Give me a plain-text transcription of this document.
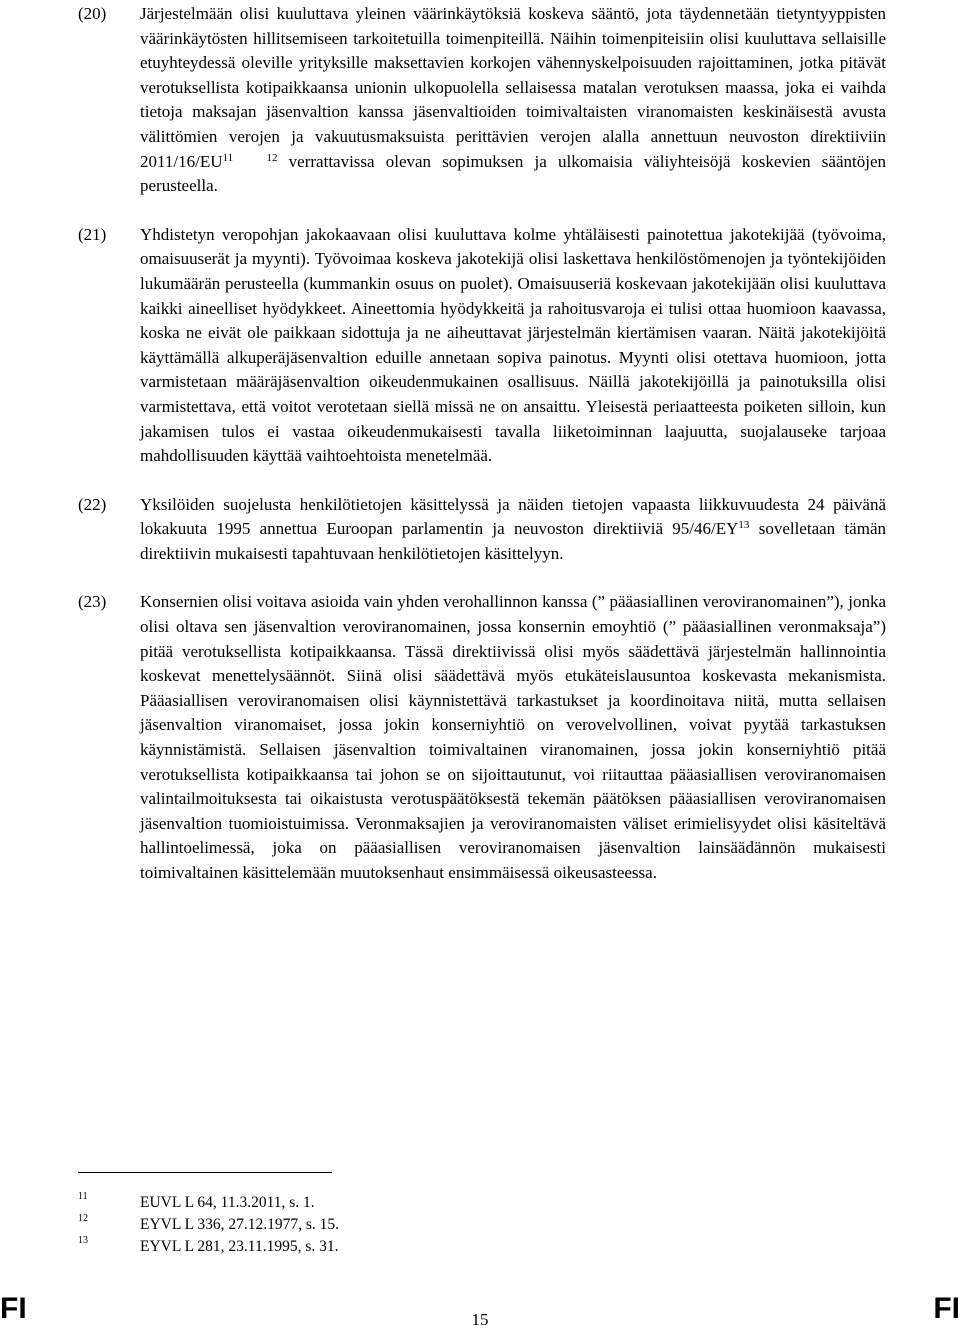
(20)	Järjestelmään olisi kuuluttava yleinen väärinkäytöksiä koskeva sääntö, jota täydennetään tietyntyyppisten väärinkäytösten hillitsemiseen tarkoitetuilla toimenpiteillä. Näihin toimenpiteisiin olisi kuuluttava sellaisille etuyhteydessä oleville yrityksille maksettavien korkojen vähennyskelpoisuuden rajoittaminen, jotka pitävät verotuksellista kotipaikkaansa unionin ulkopuolella sellaisessa matalan verotuksen maassa, joka ei vaihda tietoja maksajan jäsenvaltion kanssa jäsenvaltioiden toimivaltaisten viranomaisten keskinäisestä avusta välittömien verojen ja vakuutusmaksuista perittävien verojen alalla annettuun neuvoston direktiiviin 2011/16/EU$^{11}$	$^{12}$ verrattavissa olevan sopimuksen ja ulkomaisia väliyhteisöjä koskevien sääntöjen perusteella.
(21)	Yhdistetyn veropohjan jakokaavaan olisi kuuluttava kolme yhtäläisesti painotettua jakotekijää (työvoima, omaisuuserät ja myynti). Työvoimaa koskeva jakotekijä olisi laskettava henkilöstömenojen ja työntekijöiden lukumäärän perusteella (kummankin osuus on puolet). Omaisuuseriä koskevaan jakotekijään olisi kuuluttava kaikki aineelliset hyödykkeet. Aineettomia hyödykkeitä ja rahoitusvaroja ei tulisi ottaa huomioon kaavassa, koska ne eivät ole paikkaan sidottuja ja ne aiheuttavat järjestelmän kiertämisen vaaran. Näitä jakotekijöitä käyttämällä alkuperäjäsenvaltion eduille annetaan sopiva painotus. Myynti olisi otettava huomioon, jotta varmistetaan määräjäsenvaltion oikeudenmukainen osallisuus. Näillä jakotekijöillä ja painotuksilla olisi varmistettava, että voitot verotetaan siellä missä ne on ansaittu. Yleisestä periaatteesta poiketen silloin, kun jakamisen tulos ei vastaa oikeudenmukaisesti tavalla liiketoiminnan laajuutta, suojalauseke tarjoaa mahdollisuuden käyttää vaihtoehtoista menetelmää.
(22)	Yksilöiden suojelusta henkilötietojen käsittelyssä ja näiden tietojen vapaasta liikkuvuudesta 24 päivänä lokakuuta 1995 annettua Euroopan parlamentin ja neuvoston direktiiviä 95/46/EY$^{13}$ sovelletaan tämän direktiivin mukaisesti tapahtuvaan henkilötietojen käsittelyyn.
(23)	Konsernien olisi voitava asioida vain yhden verohallinnon kanssa (” pääasiallinen veroviranomainen”), jonka olisi oltava sen jäsenvaltion veroviranomainen, jossa konsernin emoyhtiö (” pääasiallinen veronmaksaja”) pitää verotuksellista kotipaikkaansa. Tässä direktiivissä olisi myös säädettävä järjestelmän hallinnointia koskevat menettelysäännöt. Siinä olisi säädettävä myös etukäteislausuntoa koskevasta mekanismista. Pääasiallisen veroviranomaisen olisi käynnistettävä tarkastukset ja koordinoitava niitä, mutta sellaisen jäsenvaltion viranomaiset, jossa jokin konserniyhtiö on verovelvollinen, voivat pyytää tarkastuksen käynnistämistä. Sellaisen jäsenvaltion toimivaltainen viranomainen, jossa jokin konserniyhtiö pitää verotuksellista kotipaikkaansa tai johon se on sijoittautunut, voi riitauttaa pääasiallisen veroviranomaisen valintailmoituksesta tai oikaistusta verotuspäätöksestä tekemän päätöksen pääasiallisen veroviranomaisen jäsenvaltion tuomioistuimissa. Veronmaksajien ja veroviranomaisten väliset erimielisyydet olisi käsiteltävä hallintoelimessä, joka on pääasiallisen veroviranomaisen jäsenvaltion lainsäädännön mukaisesti toimivaltainen käsittelemään muutoksenhaut ensimmäisessä oikeusasteessa.
11	EUVL L 64, 11.3.2011, s. 1.
12	EYVL L 336, 27.12.1977, s. 15.
13	EYVL L 281, 23.11.1995, s. 31.
FI	15	FI
